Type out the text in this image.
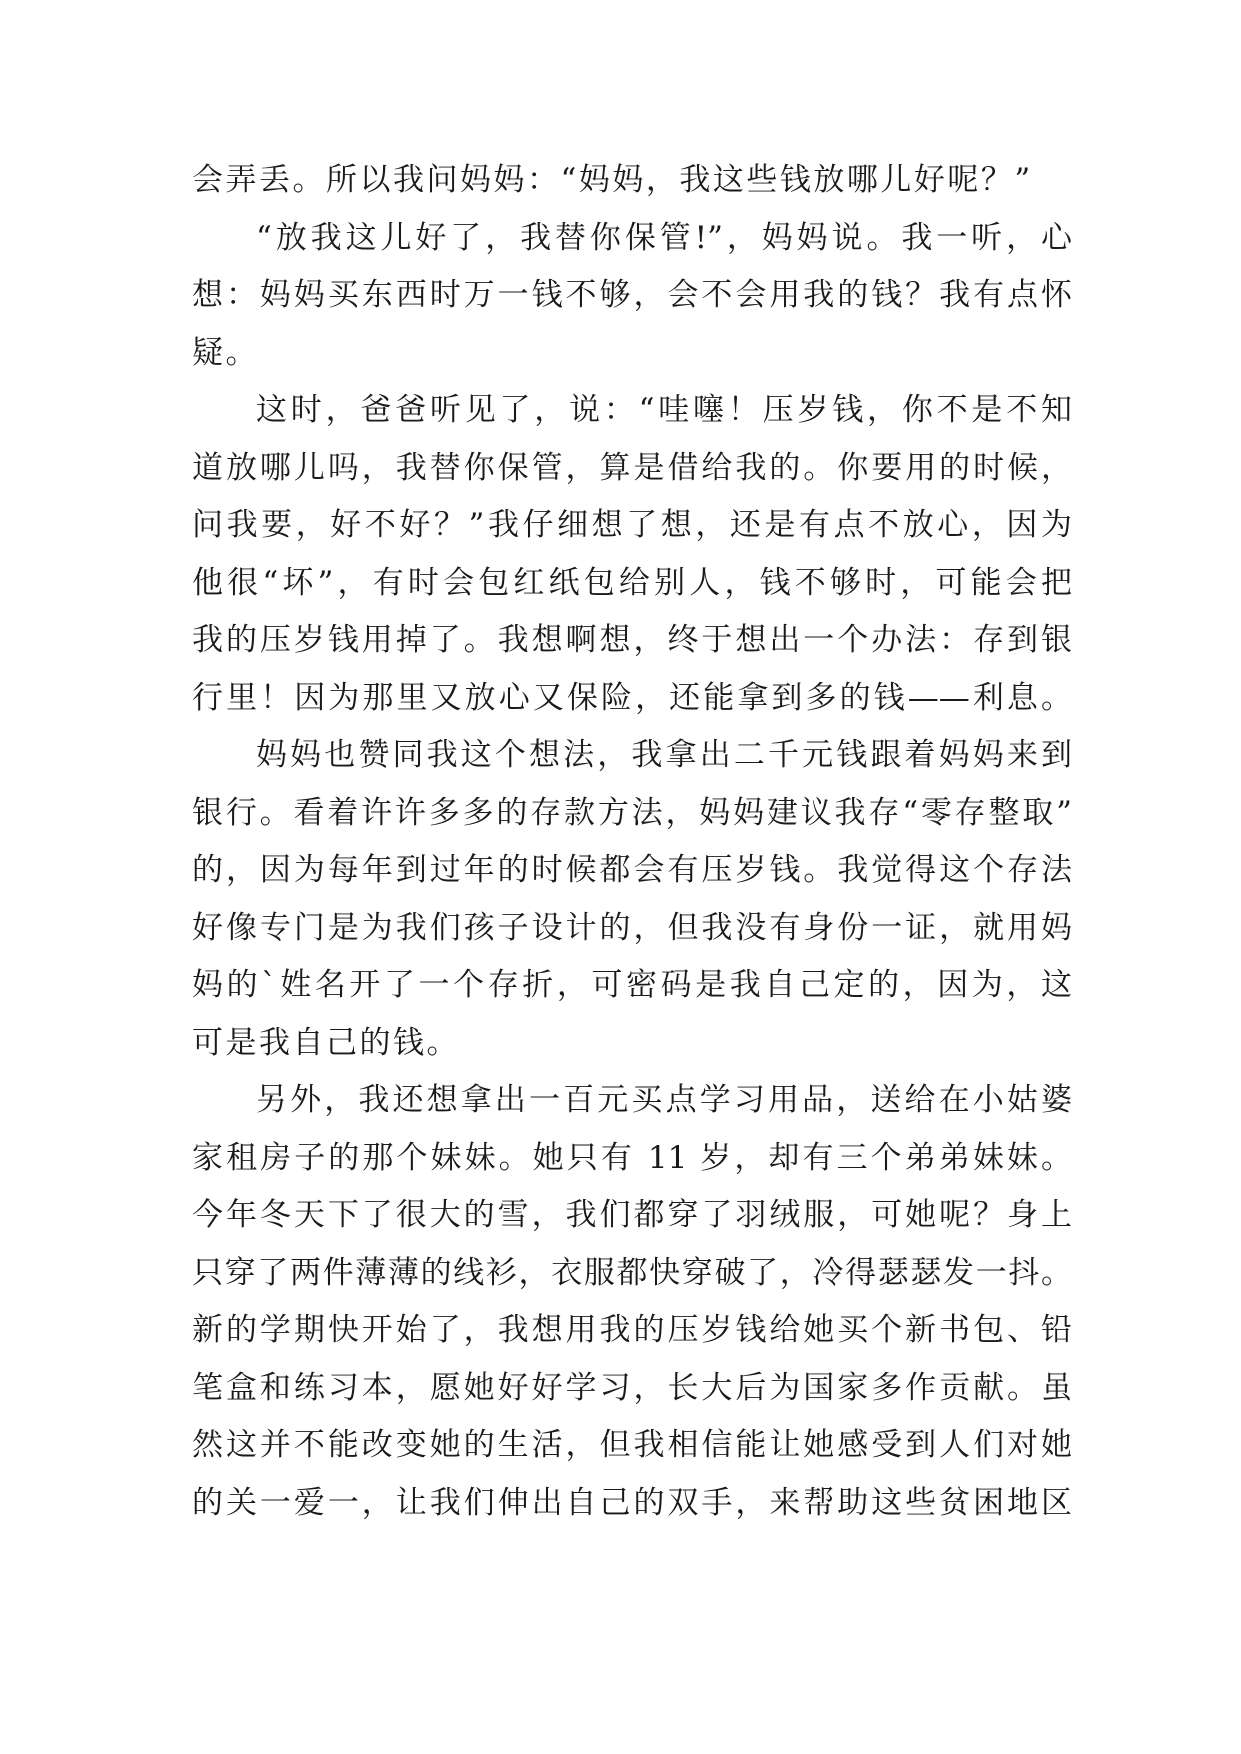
会弄丢。所以我问妈妈：“妈妈，我这些钱放哪儿好呢？”
“放我这儿好了，我替你保管!”，妈妈说。我一听，心
想：妈妈买东西时万一钱不够，会不会用我的钱？我有点怀
疑。
这时，爸爸听见了，说：“哇噻！压岁钱，你不是不知
道放哪儿吗，我替你保管，算是借给我的。你要用的时候，
问我要，好不好？”我仔细想了想，还是有点不放心，因为
他很“坏”，有时会包红纸包给别人，钱不够时，可能会把
我的压岁钱用掉了。我想啊想，终于想出一个办法：存到银
行里！因为那里又放心又保险，还能拿到多的钱——利息。
妈妈也赞同我这个想法，我拿出二千元钱跟着妈妈来到
银行。看着许许多多的存款方法，妈妈建议我存“零存整取”
的，因为每年到过年的时候都会有压岁钱。我觉得这个存法
好像专门是为我们孩子设计的，但我没有身份一证，就用妈
妈的`姓名开了一个存折，可密码是我自己定的，因为，这
可是我自己的钱。
另外，我还想拿出一百元买点学习用品，送给在小姑婆
家租房子的那个妹妹。她只有 11 岁，却有三个弟弟妹妹。
今年冬天下了很大的雪，我们都穿了羽绒服，可她呢？身上
只穿了两件薄薄的线衫，衣服都快穿破了，冷得瑟瑟发一抖。
新的学期快开始了，我想用我的压岁钱给她买个新书包、铅
笔盒和练习本，愿她好好学习，长大后为国家多作贡献。虽
然这并不能改变她的生活，但我相信能让她感受到人们对她
的关一爱一，让我们伸出自己的双手，来帮助这些贫困地区
